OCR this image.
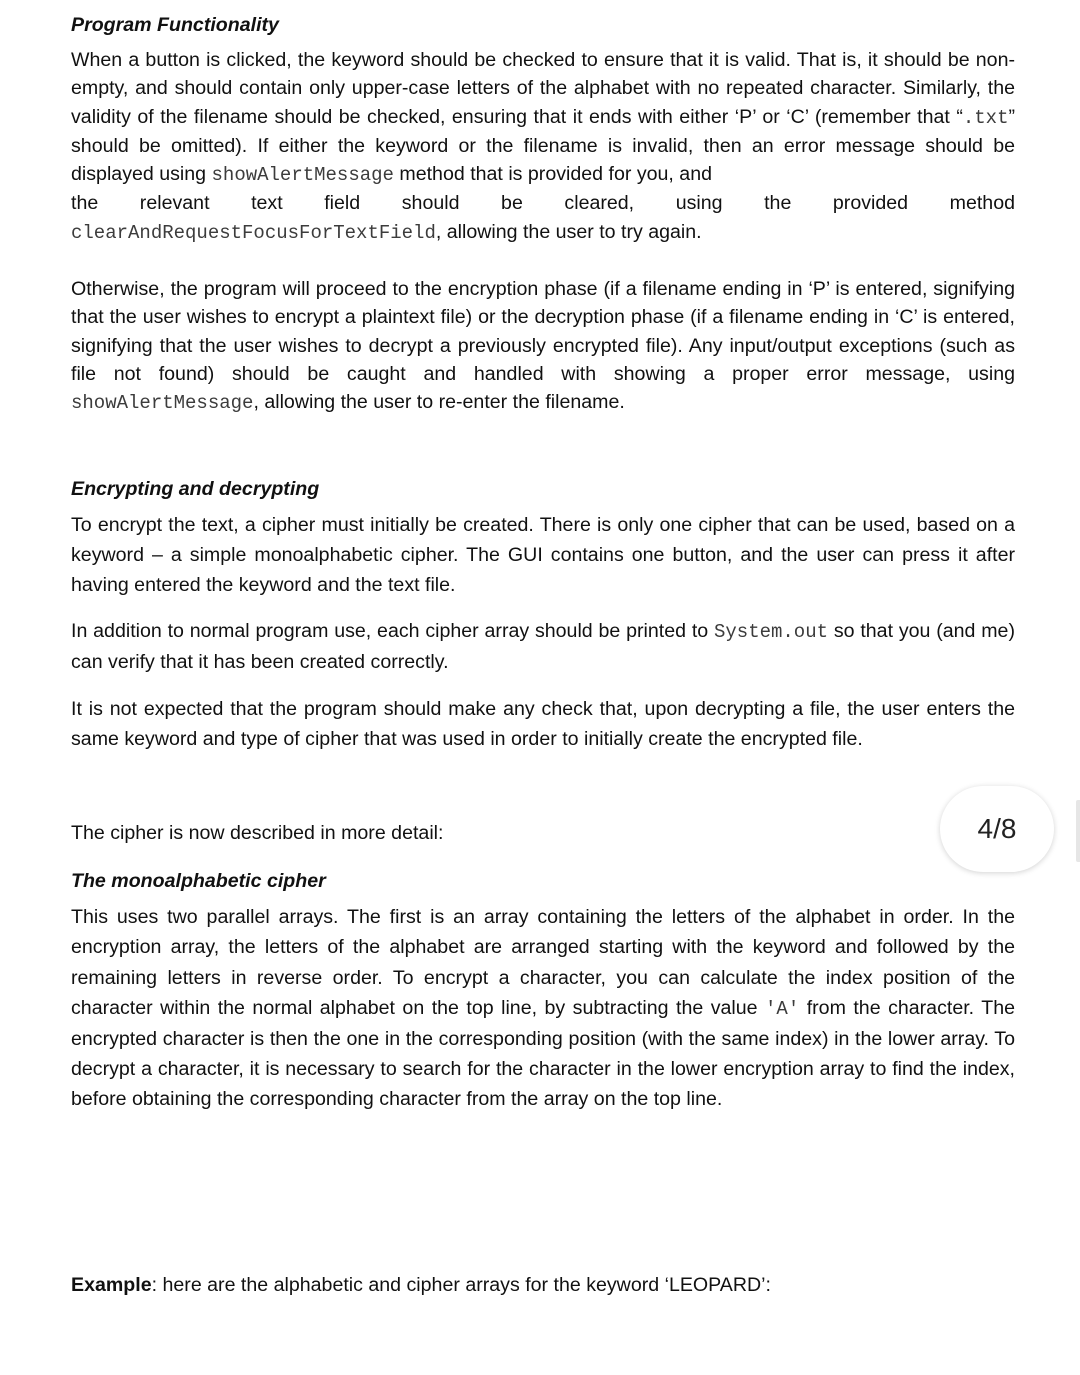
Program Functionality

When a button is clicked, the keyword should be checked to ensure that it is valid. That is, it should be non-empty, and should contain only upper-case letters of the alphabet with no repeated character. Similarly, the validity of the filename should be checked, ensuring that it ends with either ‘P’ or ‘C’ (remember that “.txt” should be omitted). If either the keyword or the filename is invalid, then an error message should be displayed using showAlertMessage method that is provided for you, and
the relevant text field should be cleared, using the provided method
clearAndRequestFocusForTextField, allowing the user to try again.

Otherwise, the program will proceed to the encryption phase (if a filename ending in ‘P’ is entered, signifying that the user wishes to encrypt a plaintext file) or the decryption phase (if a filename ending in ‘C’ is entered, signifying that the user wishes to decrypt a previously encrypted file). Any input/output exceptions (such as file not found) should be caught and handled with showing a proper error message, using showAlertMessage, allowing the user to re-enter the filename.

Encrypting and decrypting

To encrypt the text, a cipher must initially be created. There is only one cipher that can be used, based on a keyword – a simple monoalphabetic cipher. The GUI contains one button, and the user can press it after having entered the keyword and the text file.

In addition to normal program use, each cipher array should be printed to System.out so that you (and me) can verify that it has been created correctly.

It is not expected that the program should make any check that, upon decrypting a file, the user enters the same keyword and type of cipher that was used in order to initially create the encrypted file.

The cipher is now described in more detail:

The monoalphabetic cipher

This uses two parallel arrays. The first is an array containing the letters of the alphabet in order. In the encryption array, the letters of the alphabet are arranged starting with the keyword and followed by the remaining letters in reverse order. To encrypt a character, you can calculate the index position of the character within the normal alphabet on the top line, by subtracting the value 'A' from the character. The encrypted character is then the one in the corresponding position (with the same index) in the lower array. To decrypt a character, it is necessary to search for the character in the lower encryption array to find the index, before obtaining the corresponding character from the array on the top line.

Example: here are the alphabetic and cipher arrays for the keyword ‘LEOPARD’:

4/8
